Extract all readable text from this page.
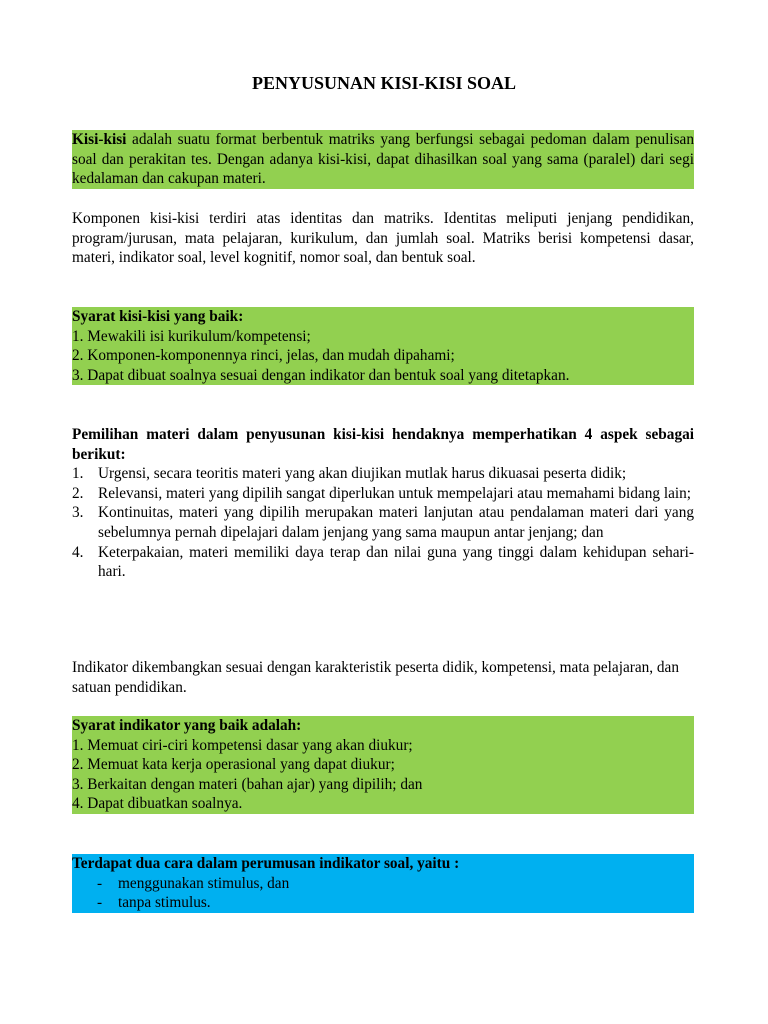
PENYUSUNAN KISI-KISI SOAL
Kisi-kisi adalah suatu format berbentuk matriks yang berfungsi sebagai pedoman dalam penulisan soal dan perakitan tes. Dengan adanya kisi-kisi, dapat dihasilkan soal yang sama (paralel) dari segi kedalaman dan cakupan materi.
Komponen kisi-kisi terdiri atas identitas dan matriks. Identitas meliputi jenjang pendidikan, program/jurusan, mata pelajaran, kurikulum, dan jumlah soal. Matriks berisi kompetensi dasar, materi, indikator soal, level kognitif, nomor soal, dan bentuk soal.
Syarat kisi-kisi yang baik:
1. Mewakili isi kurikulum/kompetensi;
2. Komponen-komponennya rinci, jelas, dan mudah dipahami;
3. Dapat dibuat soalnya sesuai dengan indikator dan bentuk soal yang ditetapkan.
Pemilihan materi dalam penyusunan kisi-kisi hendaknya memperhatikan 4 aspek sebagai berikut:
1. Urgensi, secara teoritis materi yang akan diujikan mutlak harus dikuasai peserta didik;
2. Relevansi, materi yang dipilih sangat diperlukan untuk mempelajari atau memahami bidang lain;
3. Kontinuitas, materi yang dipilih merupakan materi lanjutan atau pendalaman materi dari yang sebelumnya pernah dipelajari dalam jenjang yang sama maupun antar jenjang; dan
4. Keterpakaian, materi memiliki daya terap dan nilai guna yang tinggi dalam kehidupan sehari-hari.
Indikator dikembangkan sesuai dengan karakteristik peserta didik, kompetensi, mata pelajaran, dan satuan pendidikan.
Syarat indikator yang baik adalah:
1. Memuat ciri-ciri kompetensi dasar yang akan diukur;
2. Memuat kata kerja operasional yang dapat diukur;
3. Berkaitan dengan materi (bahan ajar) yang dipilih; dan
4. Dapat dibuatkan soalnya.
Terdapat dua cara dalam perumusan indikator soal, yaitu :
-	menggunakan stimulus, dan
-	tanpa stimulus.
